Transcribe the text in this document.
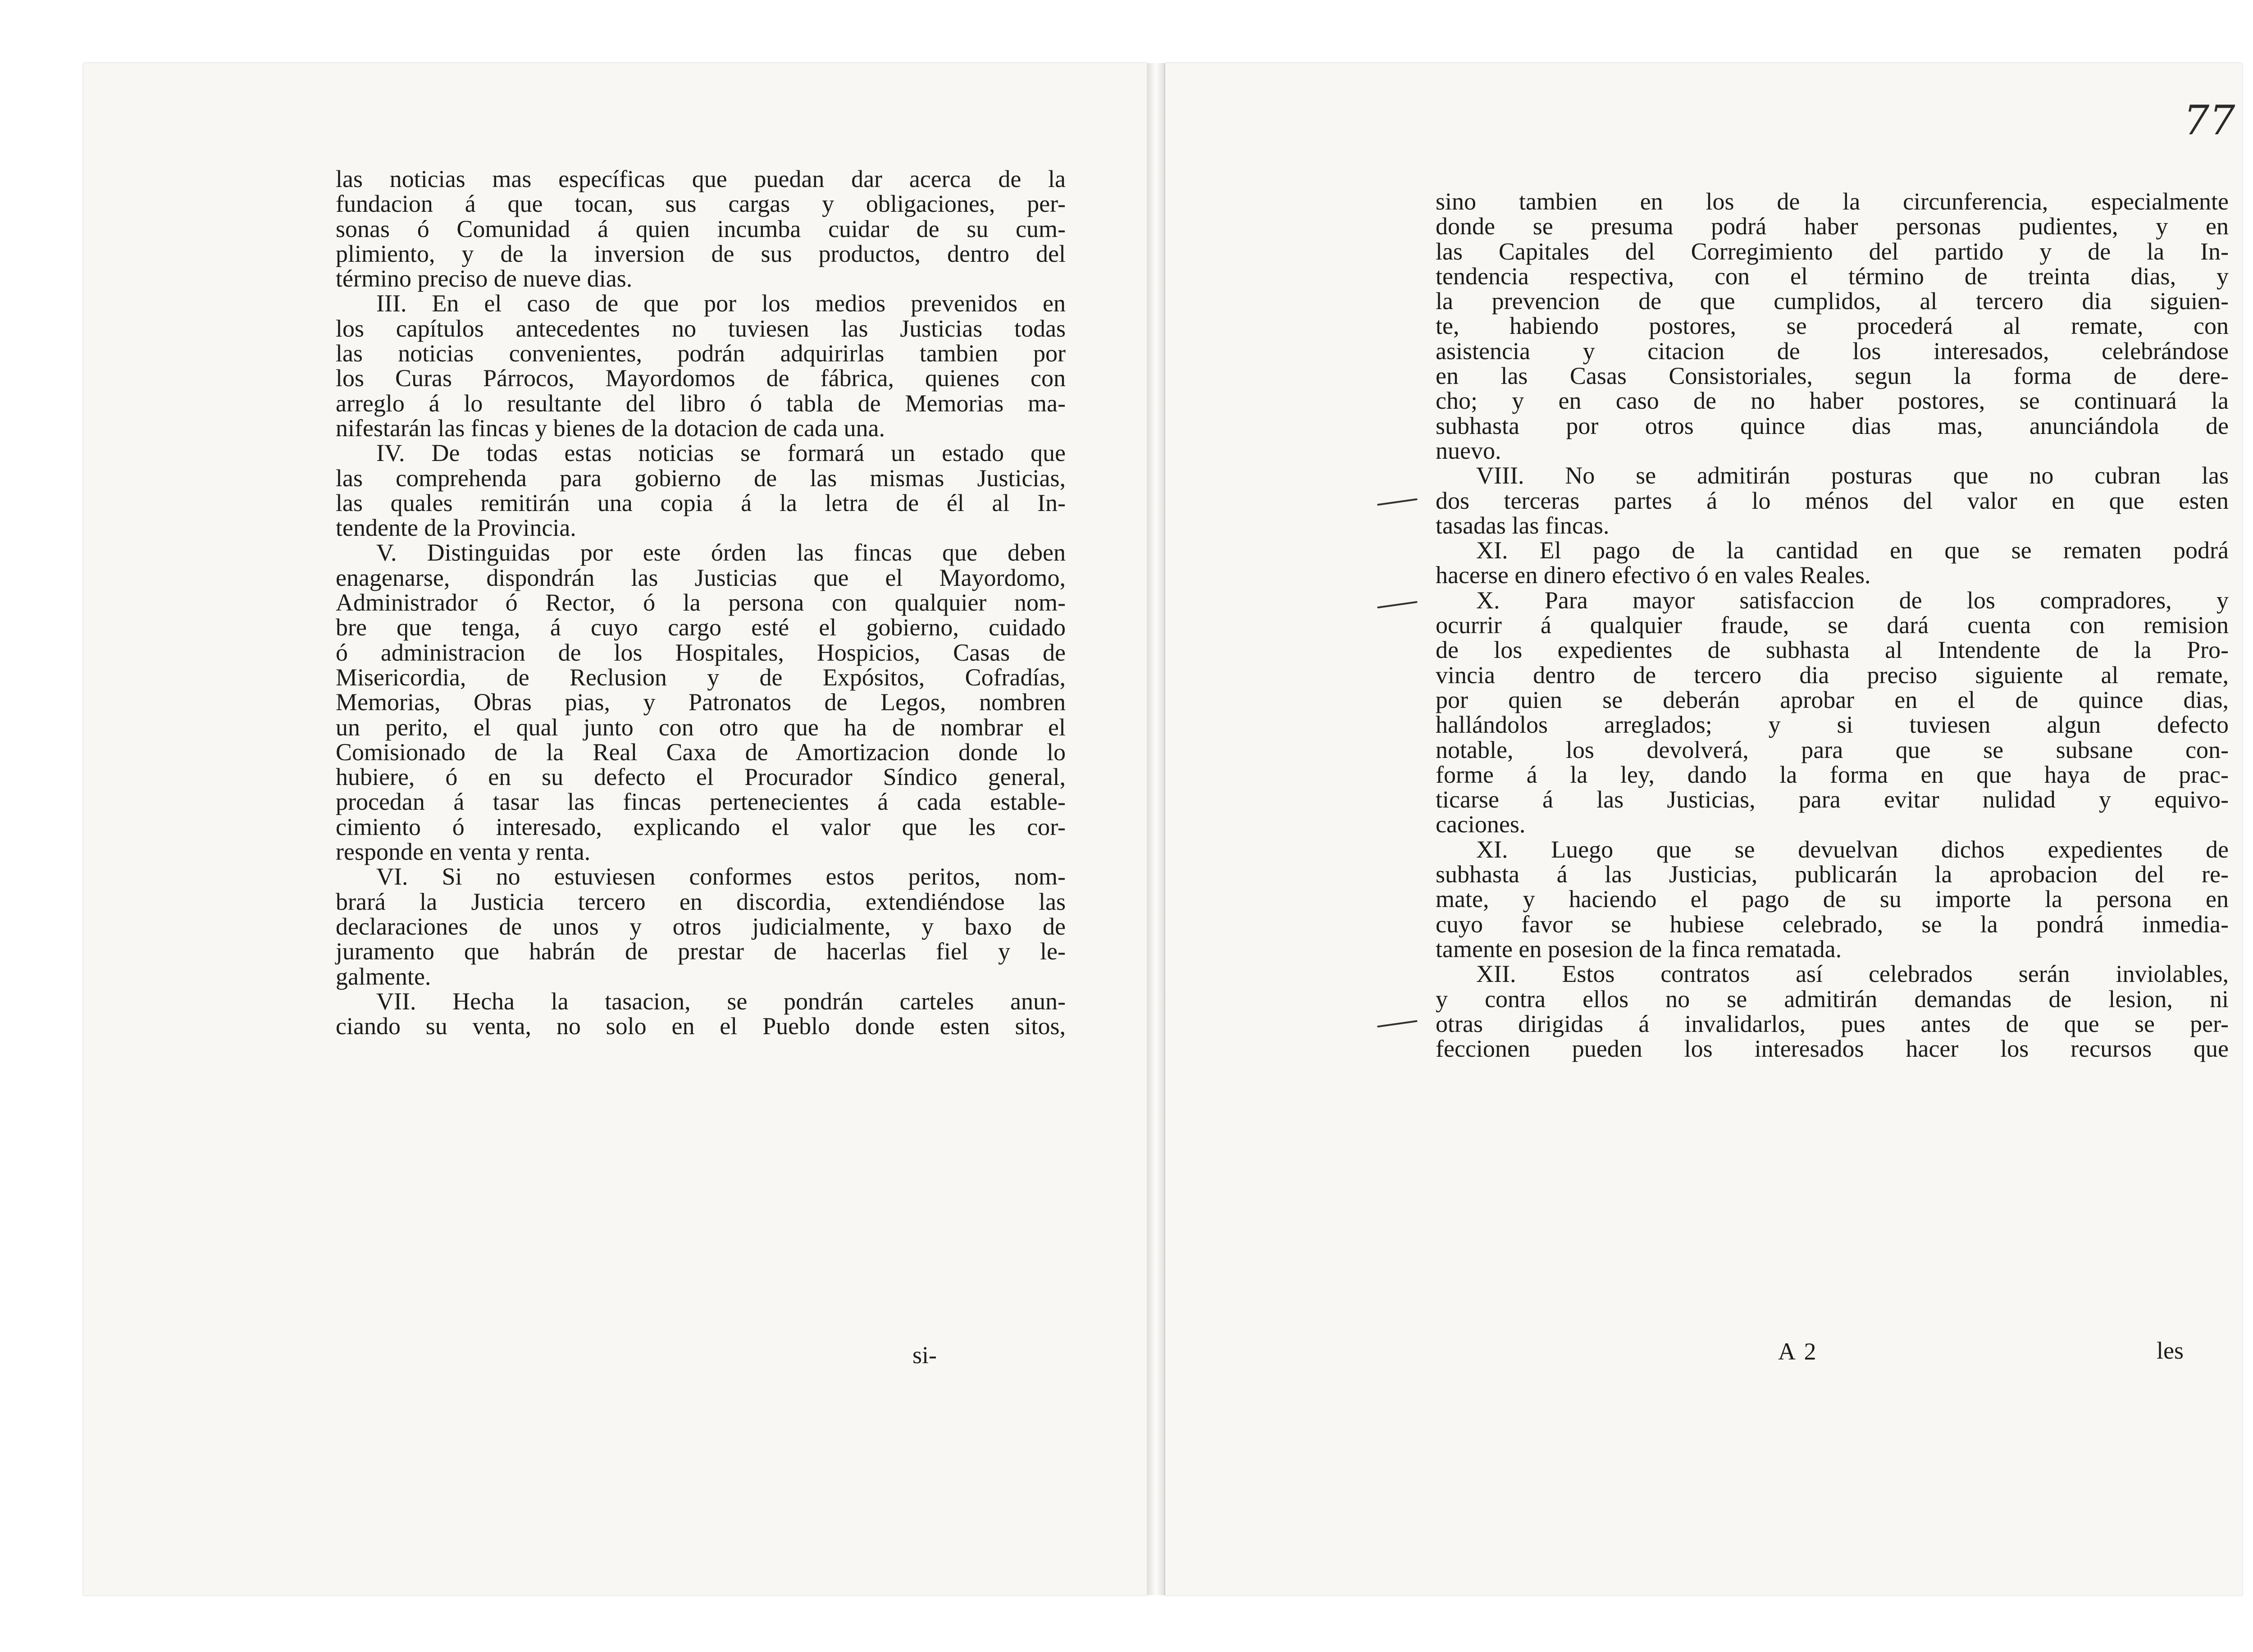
las noticias mas específicas que puedan dar acerca de la
fundacion á que tocan, sus cargas y obligaciones, per-
sonas ó Comunidad á quien incumba cuidar de su cum-
plimiento, y de la inversion de sus productos, dentro del
término preciso de nueve dias.
III. En el caso de que por los medios prevenidos en
los capítulos antecedentes no tuviesen las Justicias todas
las noticias convenientes, podrán adquirirlas tambien por
los Curas Párrocos, Mayordomos de fábrica, quienes con
arreglo á lo resultante del libro ó tabla de Memorias ma-
nifestarán las fincas y bienes de la dotacion de cada una.
IV. De todas estas noticias se formará un estado que
las comprehenda para gobierno de las mismas Justicias,
las quales remitirán una copia á la letra de él al In-
tendente de la Provincia.
V. Distinguidas por este órden las fincas que deben
enagenarse, dispondrán las Justicias que el Mayordomo,
Administrador ó Rector, ó la persona con qualquier nom-
bre que tenga, á cuyo cargo esté el gobierno, cuidado
ó administracion de los Hospitales, Hospicios, Casas de
Misericordia, de Reclusion y de Expósitos, Cofradías,
Memorias, Obras pias, y Patronatos de Legos, nombren
un perito, el qual junto con otro que ha de nombrar el
Comisionado de la Real Caxa de Amortizacion donde lo
hubiere, ó en su defecto el Procurador Síndico general,
procedan á tasar las fincas pertenecientes á cada estable-
cimiento ó interesado, explicando el valor que les cor-
responde en venta y renta.
VI. Si no estuviesen conformes estos peritos, nom-
brará la Justicia tercero en discordia, extendiéndose las
declaraciones de unos y otros judicialmente, y baxo de
juramento que habrán de prestar de hacerlas fiel y le-
galmente.
VII. Hecha la tasacion, se pondrán carteles anun-
ciando su venta, no solo en el Pueblo donde esten sitos,
si-
77
sino tambien en los de la circunferencia, especialmente
donde se presuma podrá haber personas pudientes, y en
las Capitales del Corregimiento del partido y de la In-
tendencia respectiva, con el término de treinta dias, y
la prevencion de que cumplidos, al tercero dia siguien-
te, habiendo postores, se procederá al remate, con
asistencia y citacion de los interesados, celebrándose
en las Casas Consistoriales, segun la forma de dere-
cho; y en caso de no haber postores, se continuará la
subhasta por otros quince dias mas, anunciándola de
nuevo.
VIII. No se admitirán posturas que no cubran las
dos terceras partes á lo ménos del valor en que esten
tasadas las fincas.
XI. El pago de la cantidad en que se rematen podrá
hacerse en dinero efectivo ó en vales Reales.
X. Para mayor satisfaccion de los compradores, y
ocurrir á qualquier fraude, se dará cuenta con remision
de los expedientes de subhasta al Intendente de la Pro-
vincia dentro de tercero dia preciso siguiente al remate,
por quien se deberán aprobar en el de quince dias,
hallándolos arreglados; y si tuviesen algun defecto
notable, los devolverá, para que se subsane con-
forme á la ley, dando la forma en que haya de prac-
ticarse á las Justicias, para evitar nulidad y equivo-
caciones.
XI. Luego que se devuelvan dichos expedientes de
subhasta á las Justicias, publicarán la aprobacion del re-
mate, y haciendo el pago de su importe la persona en
cuyo favor se hubiese celebrado, se la pondrá inmedia-
tamente en posesion de la finca rematada.
XII. Estos contratos así celebrados serán inviolables,
y contra ellos no se admitirán demandas de lesion, ni
otras dirigidas á invalidarlos, pues antes de que se per-
feccionen pueden los interesados hacer los recursos que
A 2	les
